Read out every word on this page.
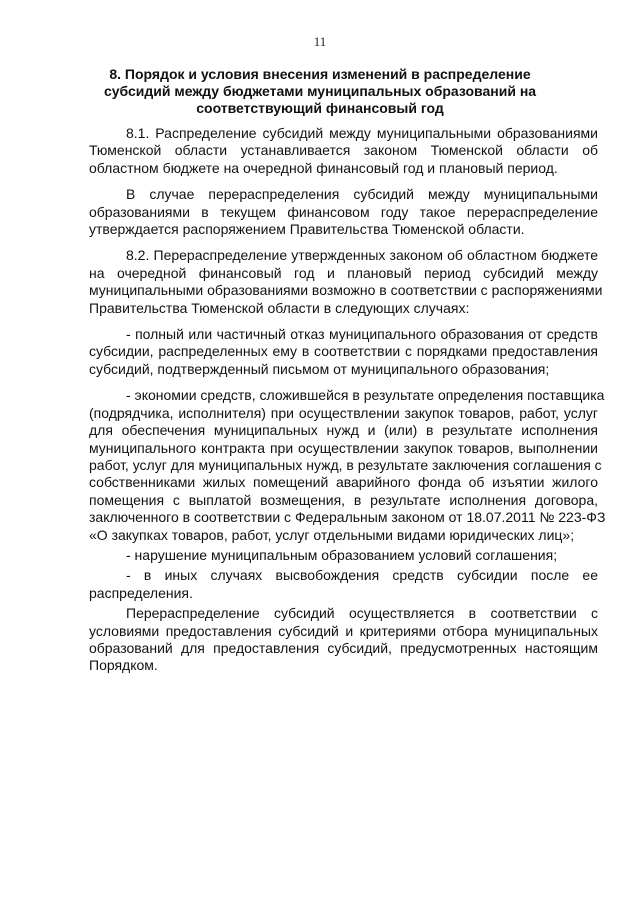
11
8. Порядок и условия внесения изменений в распределение
субсидий между бюджетами муниципальных образований на
соответствующий финансовый год

8.1. Распределение субсидий между муниципальными образованиями
Тюменской области устанавливается законом Тюменской области об
областном бюджете на очередной финансовый год и плановый период.

В случае перераспределения субсидий между муниципальными
образованиями в текущем финансовом году такое перераспределение
утверждается распоряжением Правительства Тюменской области.

8.2. Перераспределение утвержденных законом об областном бюджете
на очередной финансовый год и плановый период субсидий между
муниципальными образованиями возможно в соответствии с распоряжениями
Правительства Тюменской области в следующих случаях:

- полный или частичный отказ муниципального образования от средств
субсидии, распределенных ему в соответствии с порядками предоставления
субсидий, подтвержденный письмом от муниципального образования;

- экономии средств, сложившейся в результате определения поставщика
(подрядчика, исполнителя) при осуществлении закупок товаров, работ, услуг
для обеспечения муниципальных нужд и (или) в результате исполнения
муниципального контракта при осуществлении закупок товаров, выполнении
работ, услуг для муниципальных нужд, в результате заключения соглашения с
собственниками жилых помещений аварийного фонда об изъятии жилого
помещения с выплатой возмещения, в результате исполнения договора,
заключенного в соответствии с Федеральным законом от 18.07.2011 № 223-ФЗ
«О закупках товаров, работ, услуг отдельными видами юридических лиц»;

- нарушение муниципальным образованием условий соглашения;

- в иных случаях высвобождения средств субсидии после ее
распределения.

Перераспределение субсидий осуществляется в соответствии с
условиями предоставления субсидий и критериями отбора муниципальных
образований для предоставления субсидий, предусмотренных настоящим
Порядком.
